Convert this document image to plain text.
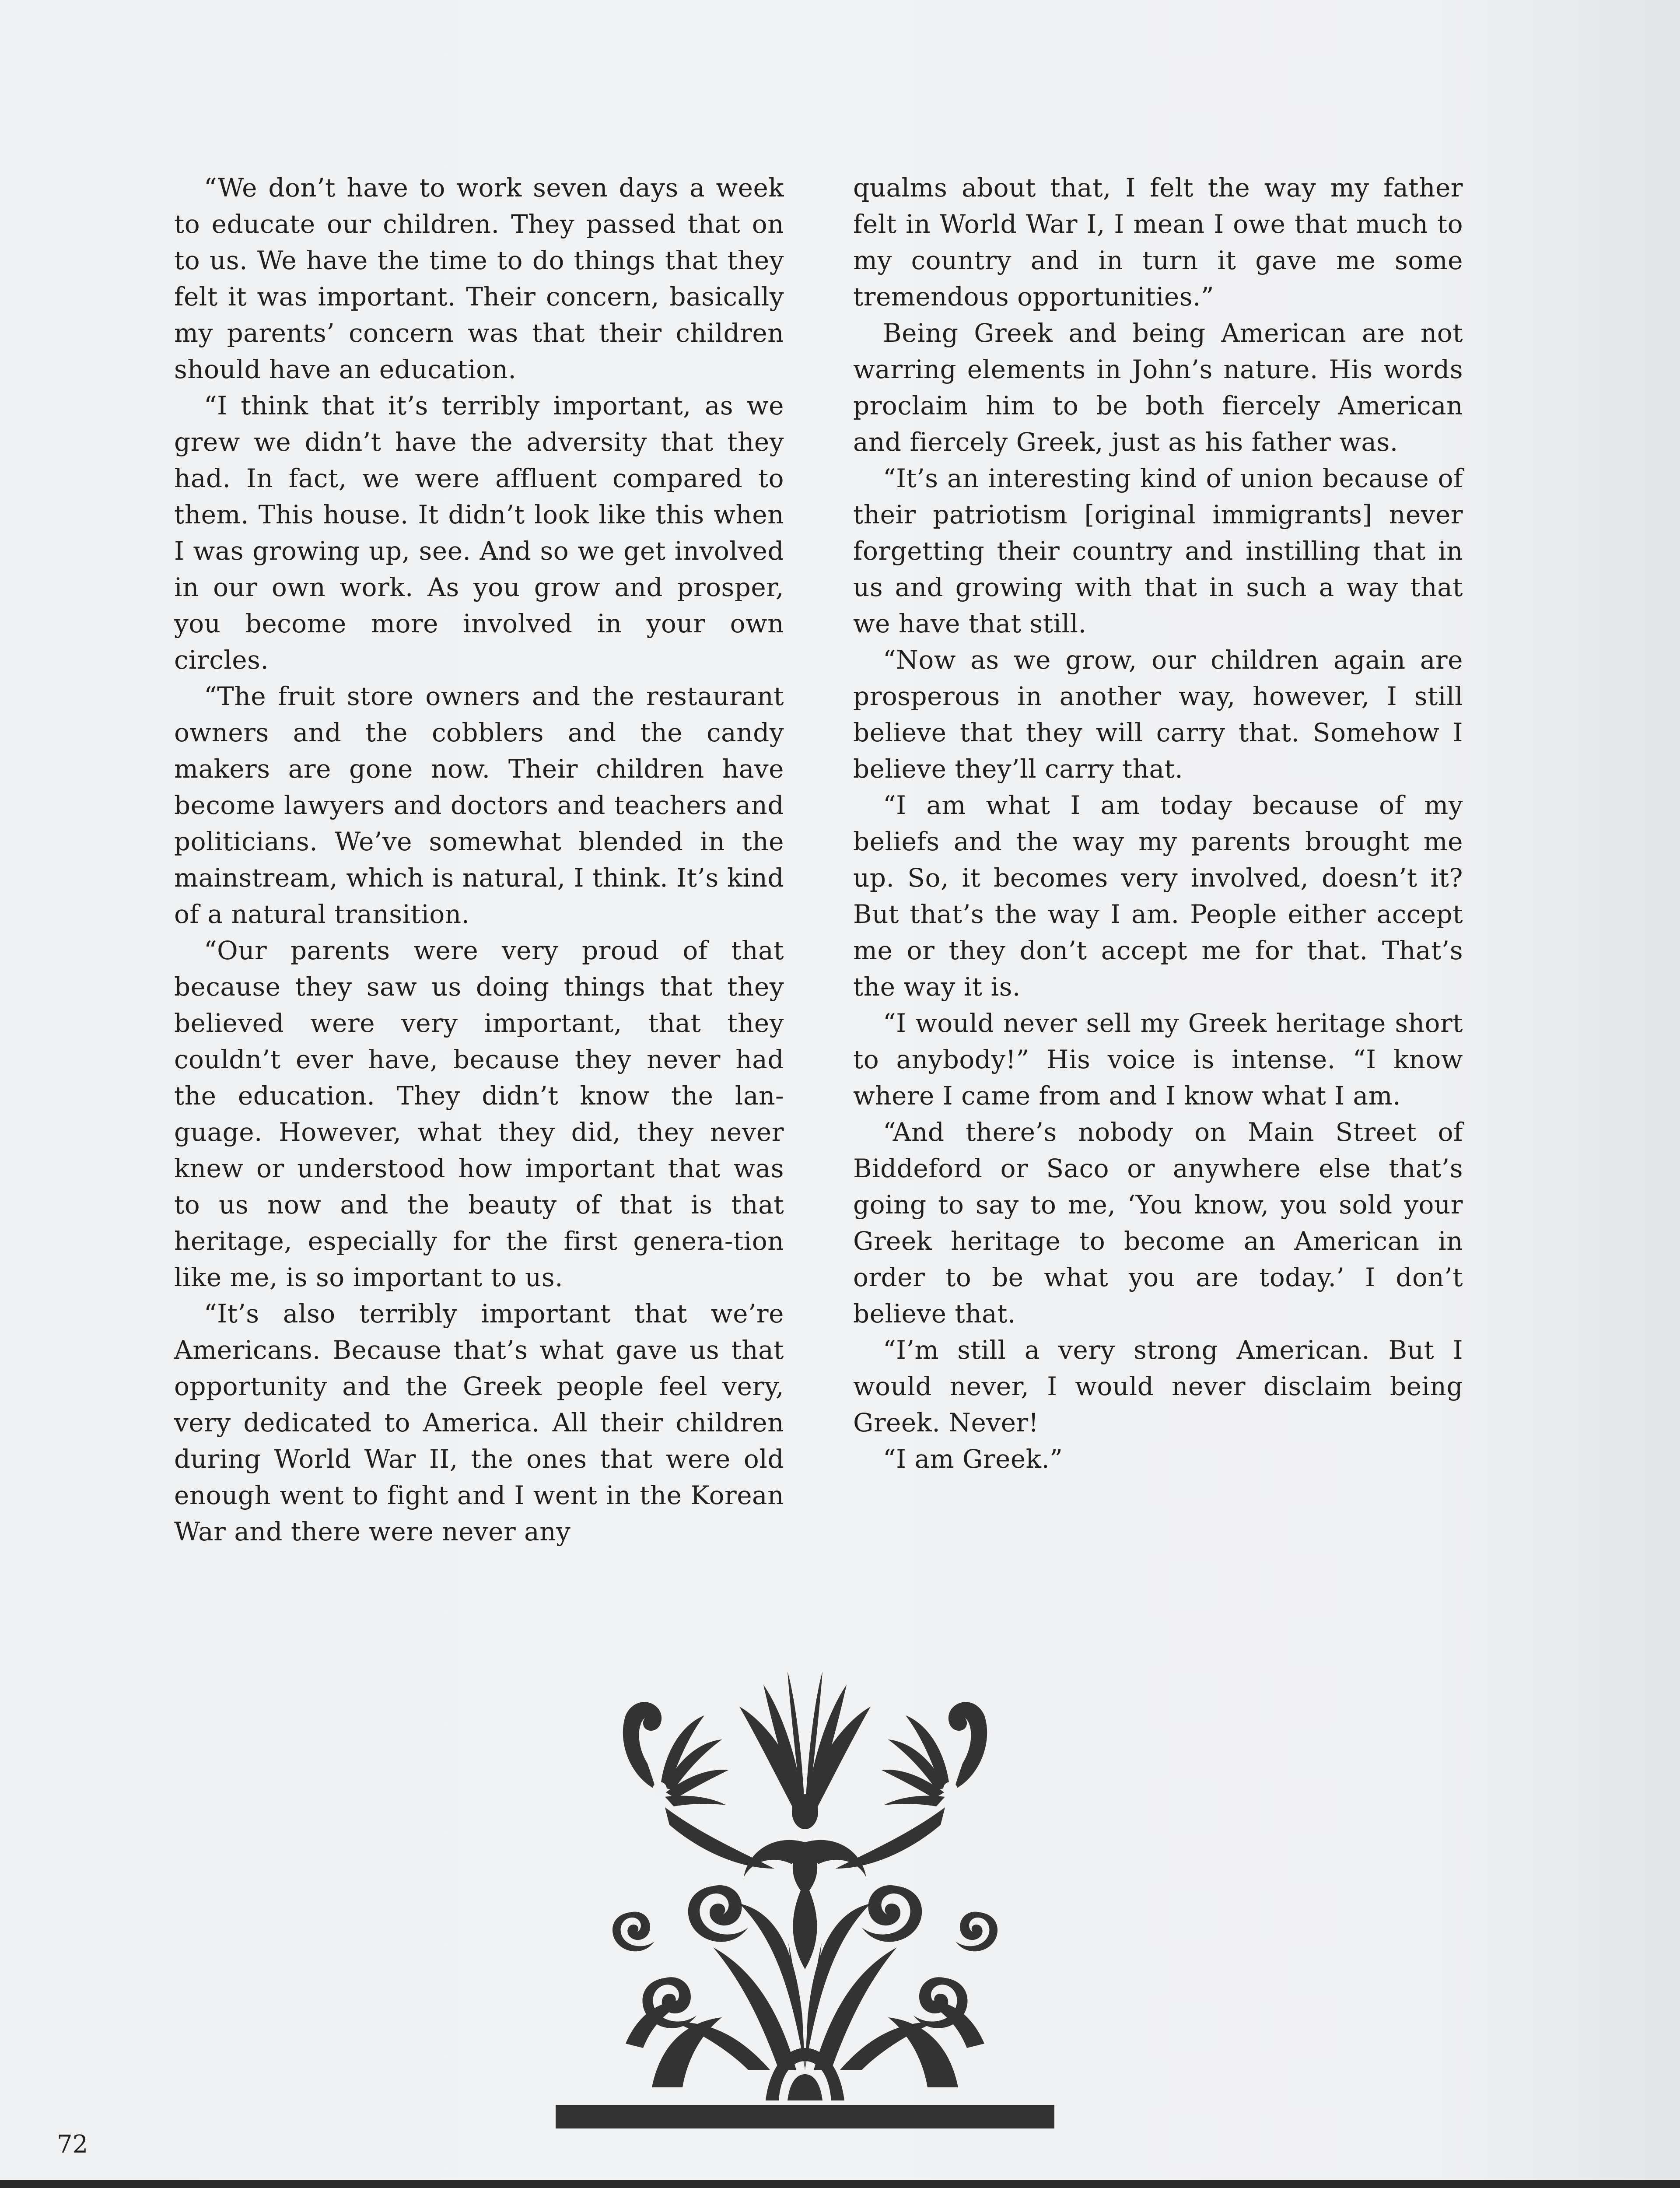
“We don’t have to work seven days a week to educate our children. They passed that on to us. We have the time to do things that they felt it was important. Their concern, basically my parents’ concern was that their children should have an education.

“I think that it’s terribly important, as we grew we didn’t have the adversity that they had. In fact, we were affluent compared to them. This house. It didn’t look like this when I was growing up, see. And so we get involved in our own work. As you grow and prosper, you become more involved in your own circles.

“The fruit store owners and the restaurant owners and the cobblers and the candy makers are gone now. Their children have become lawyers and doctors and teachers and politicians. We’ve somewhat blended in the mainstream, which is natural, I think. It’s kind of a natural transition.

“Our parents were very proud of that because they saw us doing things that they believed were very important, that they couldn’t ever have, because they never had the education. They didn’t know the lan-guage. However, what they did, they never knew or understood how important that was to us now and the beauty of that is that heritage, especially for the first genera-tion like me, is so important to us.

“It’s also terribly important that we’re Americans. Because that’s what gave us that opportunity and the Greek people feel very, very dedicated to America. All their children during World War II, the ones that were old enough went to fight and I went in the Korean War and there were never any

qualms about that, I felt the way my father felt in World War I, I mean I owe that much to my country and in turn it gave me some tremendous opportunities.”

Being Greek and being American are not warring elements in John’s nature. His words proclaim him to be both fiercely American and fiercely Greek, just as his father was.

“It’s an interesting kind of union because of their patriotism [original immigrants] never forgetting their country and instilling that in us and growing with that in such a way that we have that still.

“Now as we grow, our children again are prosperous in another way, however, I still believe that they will carry that. Somehow I believe they’ll carry that.

“I am what I am today because of my beliefs and the way my parents brought me up. So, it becomes very involved, doesn’t it? But that’s the way I am. People either accept me or they don’t accept me for that. That’s the way it is.

“I would never sell my Greek heritage short to anybody!” His voice is intense. “I know where I came from and I know what I am.

“And there’s nobody on Main Street of Biddeford or Saco or anywhere else that’s going to say to me, ‘You know, you sold your Greek heritage to become an American in order to be what you are today.’ I don’t believe that.

“I’m still a very strong American. But I would never, I would never disclaim being Greek. Never!

“I am Greek.”

72
